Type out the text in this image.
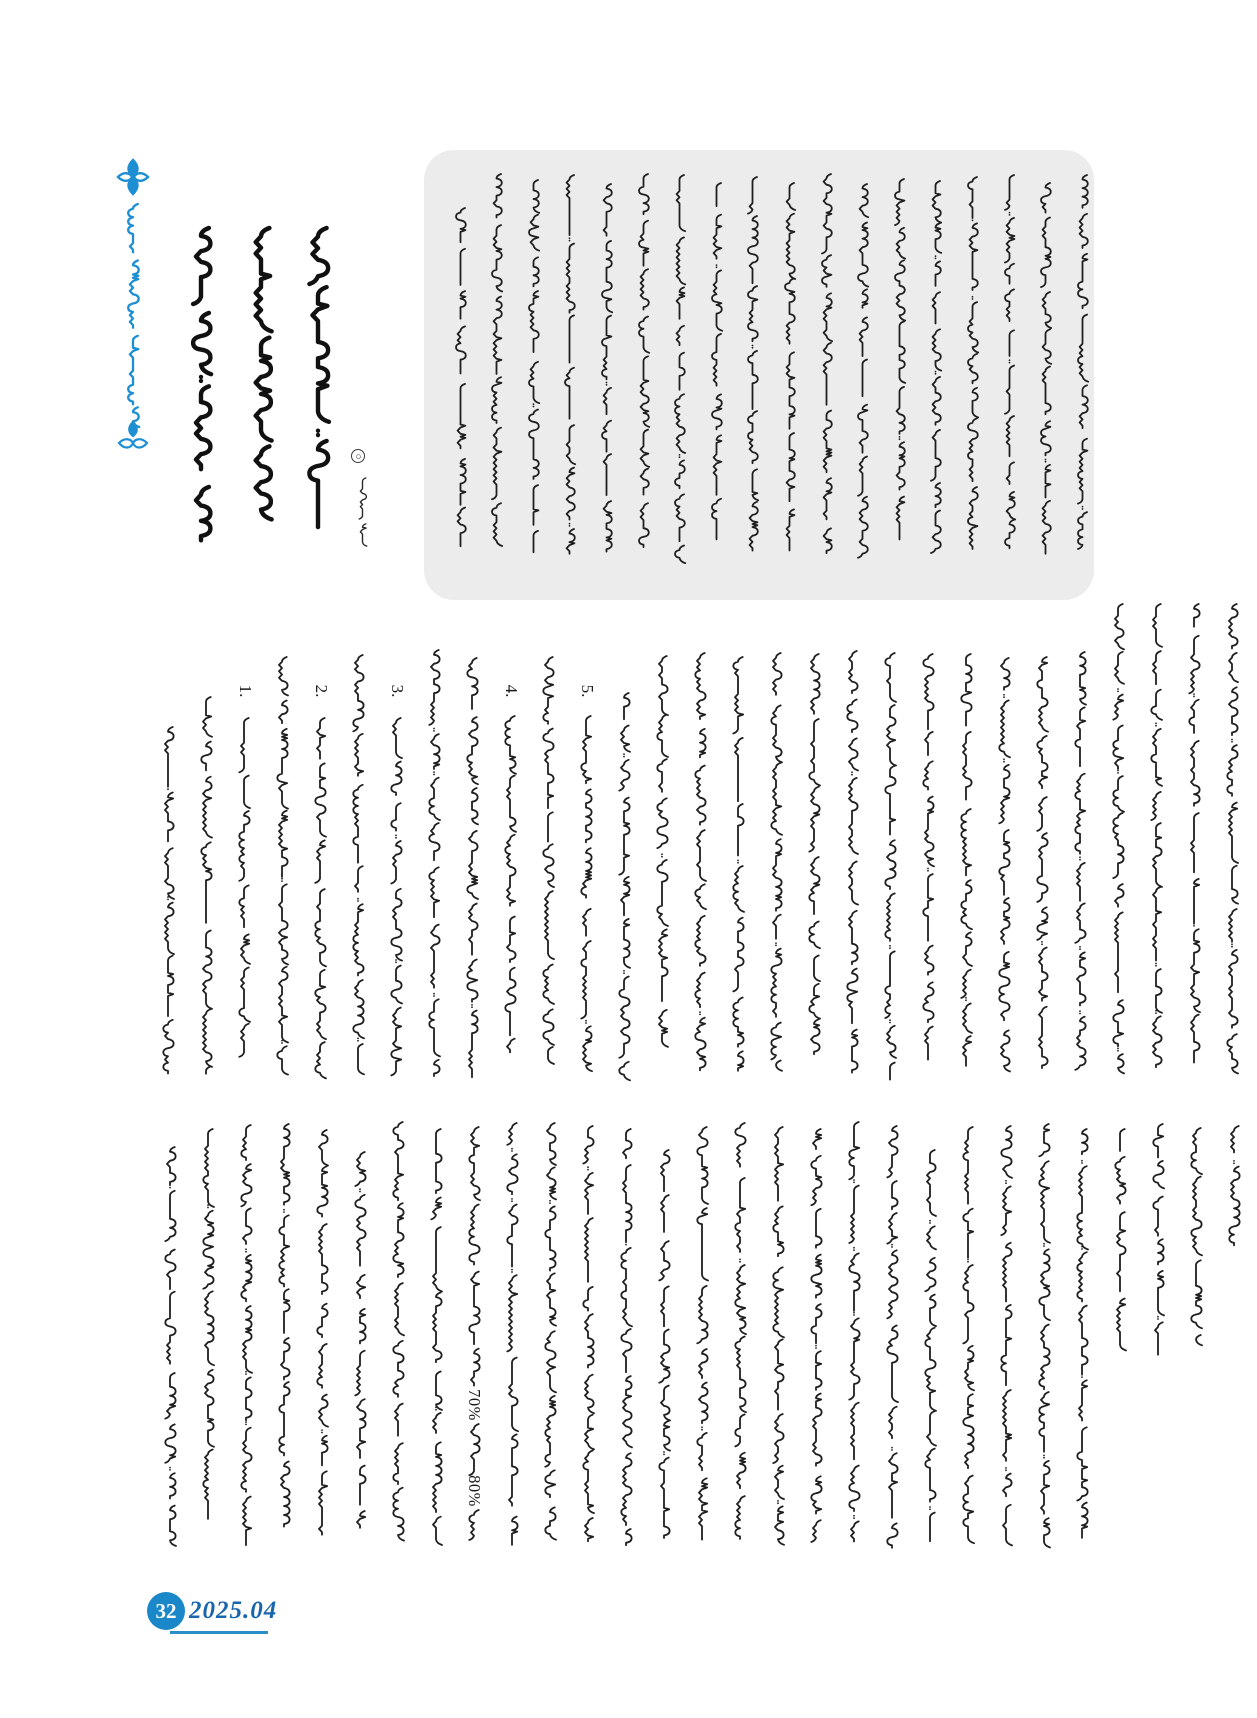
○
1.	2.	3.	4.	5.
70%
80%
32 2025.04
